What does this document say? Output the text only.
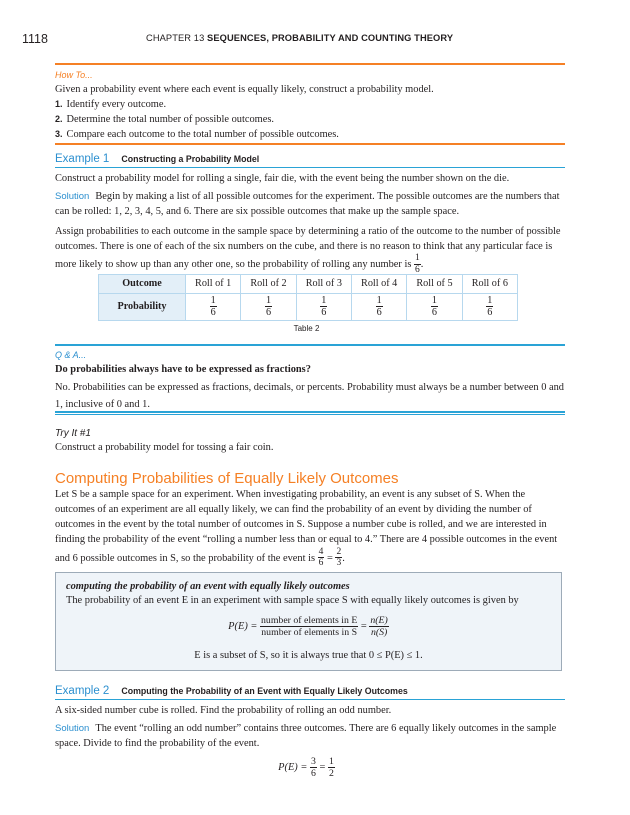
1118	CHAPTER 13 SEQUENCES, PROBABILITY AND COUNTING THEORY
How To...

Given a probability event where each event is equally likely, construct a probability model.

1. Identify every outcome.
2. Determine the total number of possible outcomes.
3. Compare each outcome to the total number of possible outcomes.
Example 1 Constructing a Probability Model

Construct a probability model for rolling a single, fair die, with the event being the number shown on the die.

Solution Begin by making a list of all possible outcomes for the experiment. The possible outcomes are the numbers that can be rolled: 1, 2, 3, 4, 5, and 6. There are six possible outcomes that make up the sample space.

Assign probabilities to each outcome in the sample space by determining a ratio of the outcome to the number of possible outcomes. There is one of each of the six numbers on the cube, and there is no reason to think that any particular face is more likely to show up than any other one, so the probability of rolling any number is $\frac{1}{6}$ .

Outcome	Roll of 1	Roll of 2	Roll of 3	Roll of 4	Roll of 5	Roll of 6
Probability	$\frac{1}{6}$	$\frac{1}{6}$	$\frac{1}{6}$	$\frac{1}{6}$	$\frac{1}{6}$	$\frac{1}{6}$
Table 2
Q & A...

Do probabilities always have to be expressed as fractions?

No. Probabilities can be expressed as fractions, decimals, or percents. Probability must always be a number between 0 and 1, inclusive of 0 and 1.

Try It #1
Construct a probability model for tossing a fair coin.
Computing Probabilities of Equally Likely Outcomes
Let S be a sample space for an experiment. When investigating probability, an event is any subset of S. When the outcomes of an experiment are all equally likely, we can find the probability of an event by dividing the number of outcomes in the event by the total number of outcomes in S. Suppose a number cube is rolled, and we are interested in finding the probability of the event “rolling a number less than or equal to 4.” There are 4 possible outcomes in the event and 6 possible outcomes in S, so the probability of the event is $\frac{4}{6} = \frac{2}{3}$ .
computing the probability of an event with equally likely outcomes
The probability of an event E in an experiment with sample space S with equally likely outcomes is given by
$P(E) = \frac{\text{number of elements in E}}{\text{number of elements in S}} = \frac{n(E)}{n(S)}$
E is a subset of S, so it is always true that 0 ≤ P(E) ≤ 1.
Example 2 Computing the Probability of an Event with Equally Likely Outcomes

A six-sided number cube is rolled. Find the probability of rolling an odd number.

Solution The event “rolling an odd number” contains three outcomes. There are 6 equally likely outcomes in the sample space. Divide to find the probability of the event.

$P(E) = \frac{3}{6} = \frac{1}{2}$
